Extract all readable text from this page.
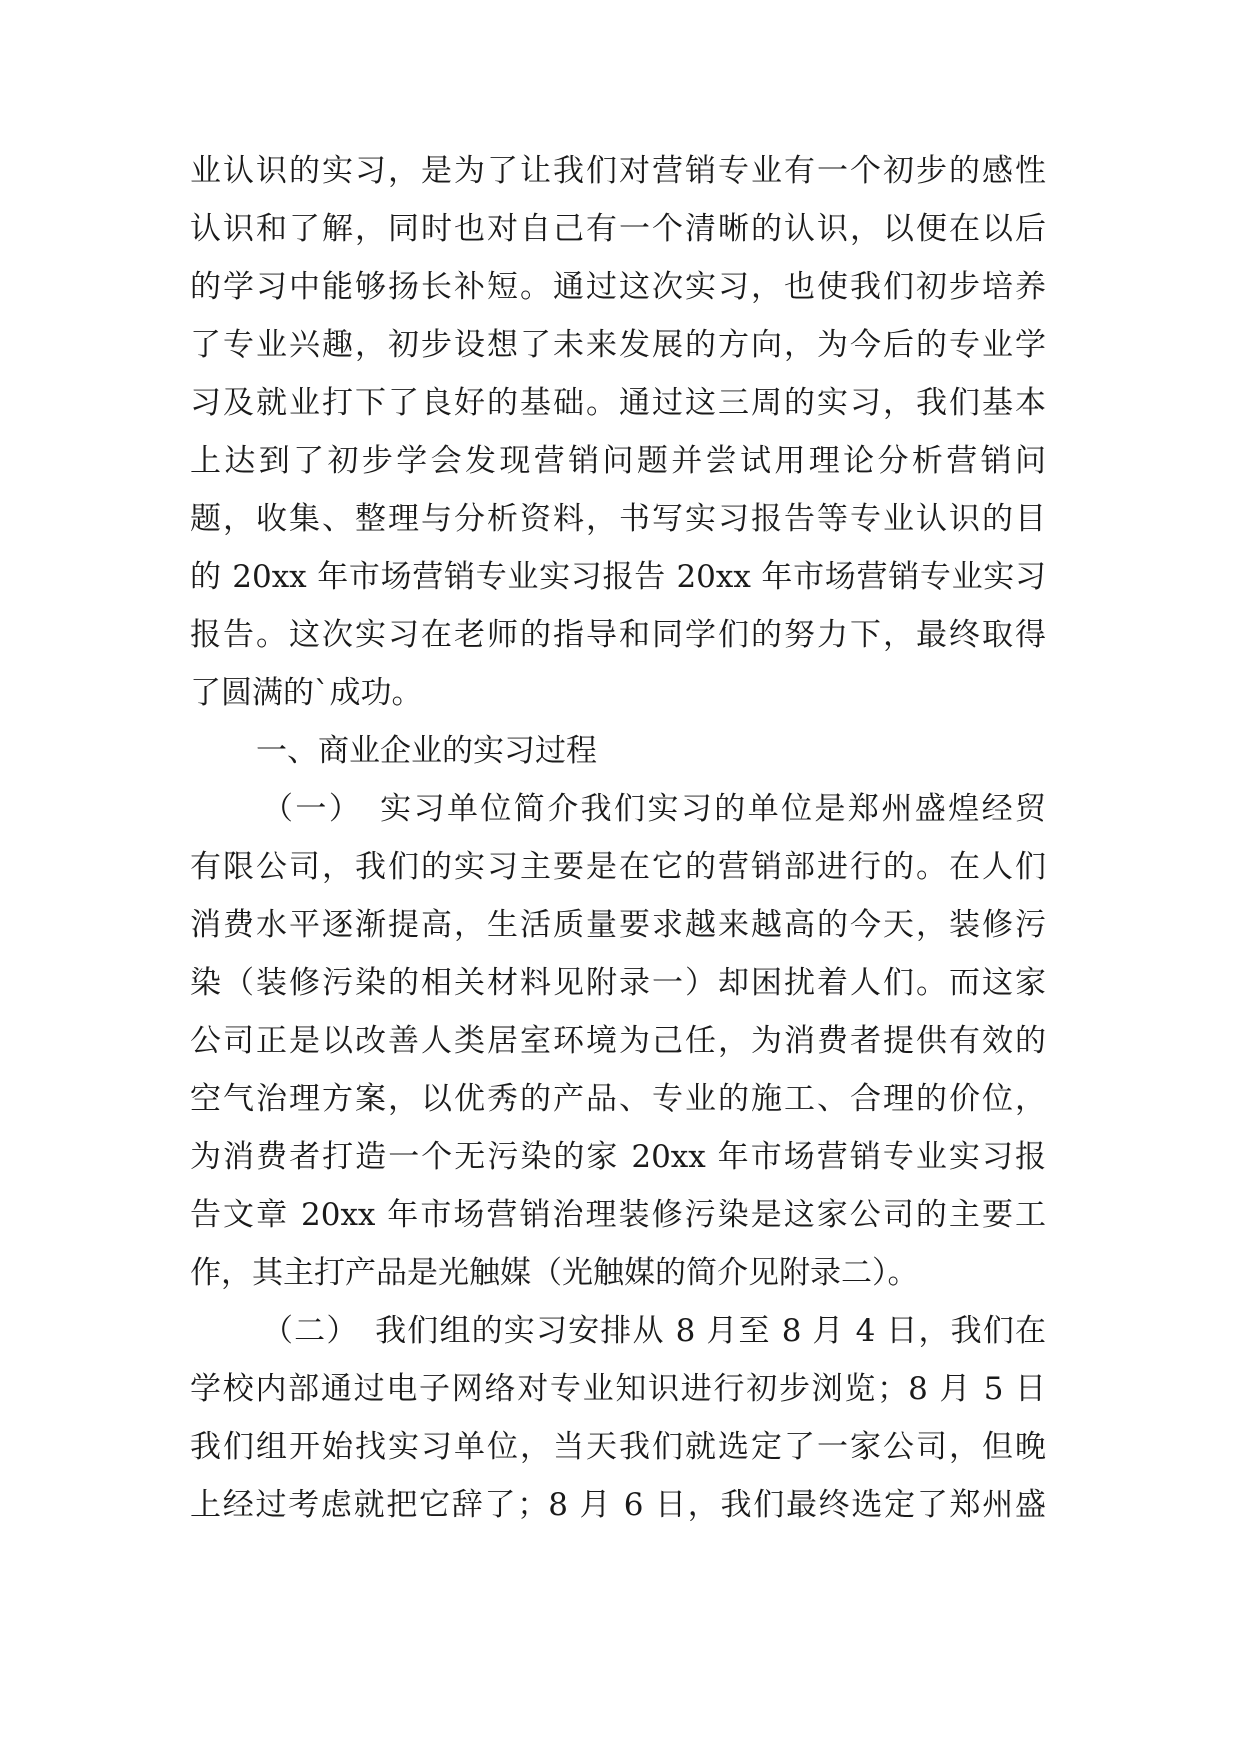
业认识的实习，是为了让我们对营销专业有一个初步的感性
认识和了解，同时也对自己有一个清晰的认识，以便在以后
的学习中能够扬长补短。通过这次实习，也使我们初步培养
了专业兴趣，初步设想了未来发展的方向，为今后的专业学
习及就业打下了良好的基础。通过这三周的实习，我们基本
上达到了初步学会发现营销问题并尝试用理论分析营销问
题，收集、整理与分析资料，书写实习报告等专业认识的目
的 20xx 年市场营销专业实习报告 20xx 年市场营销专业实习
报告。这次实习在老师的指导和同学们的努力下，最终取得
了圆满的`成功。
一、商业企业的实习过程
（一）　实习单位简介我们实习的单位是郑州盛煌经贸
有限公司，我们的实习主要是在它的营销部进行的。在人们
消费水平逐渐提高，生活质量要求越来越高的今天，装修污
染（装修污染的相关材料见附录一）却困扰着人们。而这家
公司正是以改善人类居室环境为己任，为消费者提供有效的
空气治理方案，以优秀的产品、专业的施工、合理的价位，
为消费者打造一个无污染的家 20xx 年市场营销专业实习报
告文章 20xx 年市场营销治理装修污染是这家公司的主要工
作，其主打产品是光触媒（光触媒的简介见附录二）。
（二）　我们组的实习安排从 8 月至 8 月 4 日，我们在
学校内部通过电子网络对专业知识进行初步浏览；8 月 5 日
我们组开始找实习单位，当天我们就选定了一家公司，但晚
上经过考虑就把它辞了；8 月 6 日，我们最终选定了郑州盛
